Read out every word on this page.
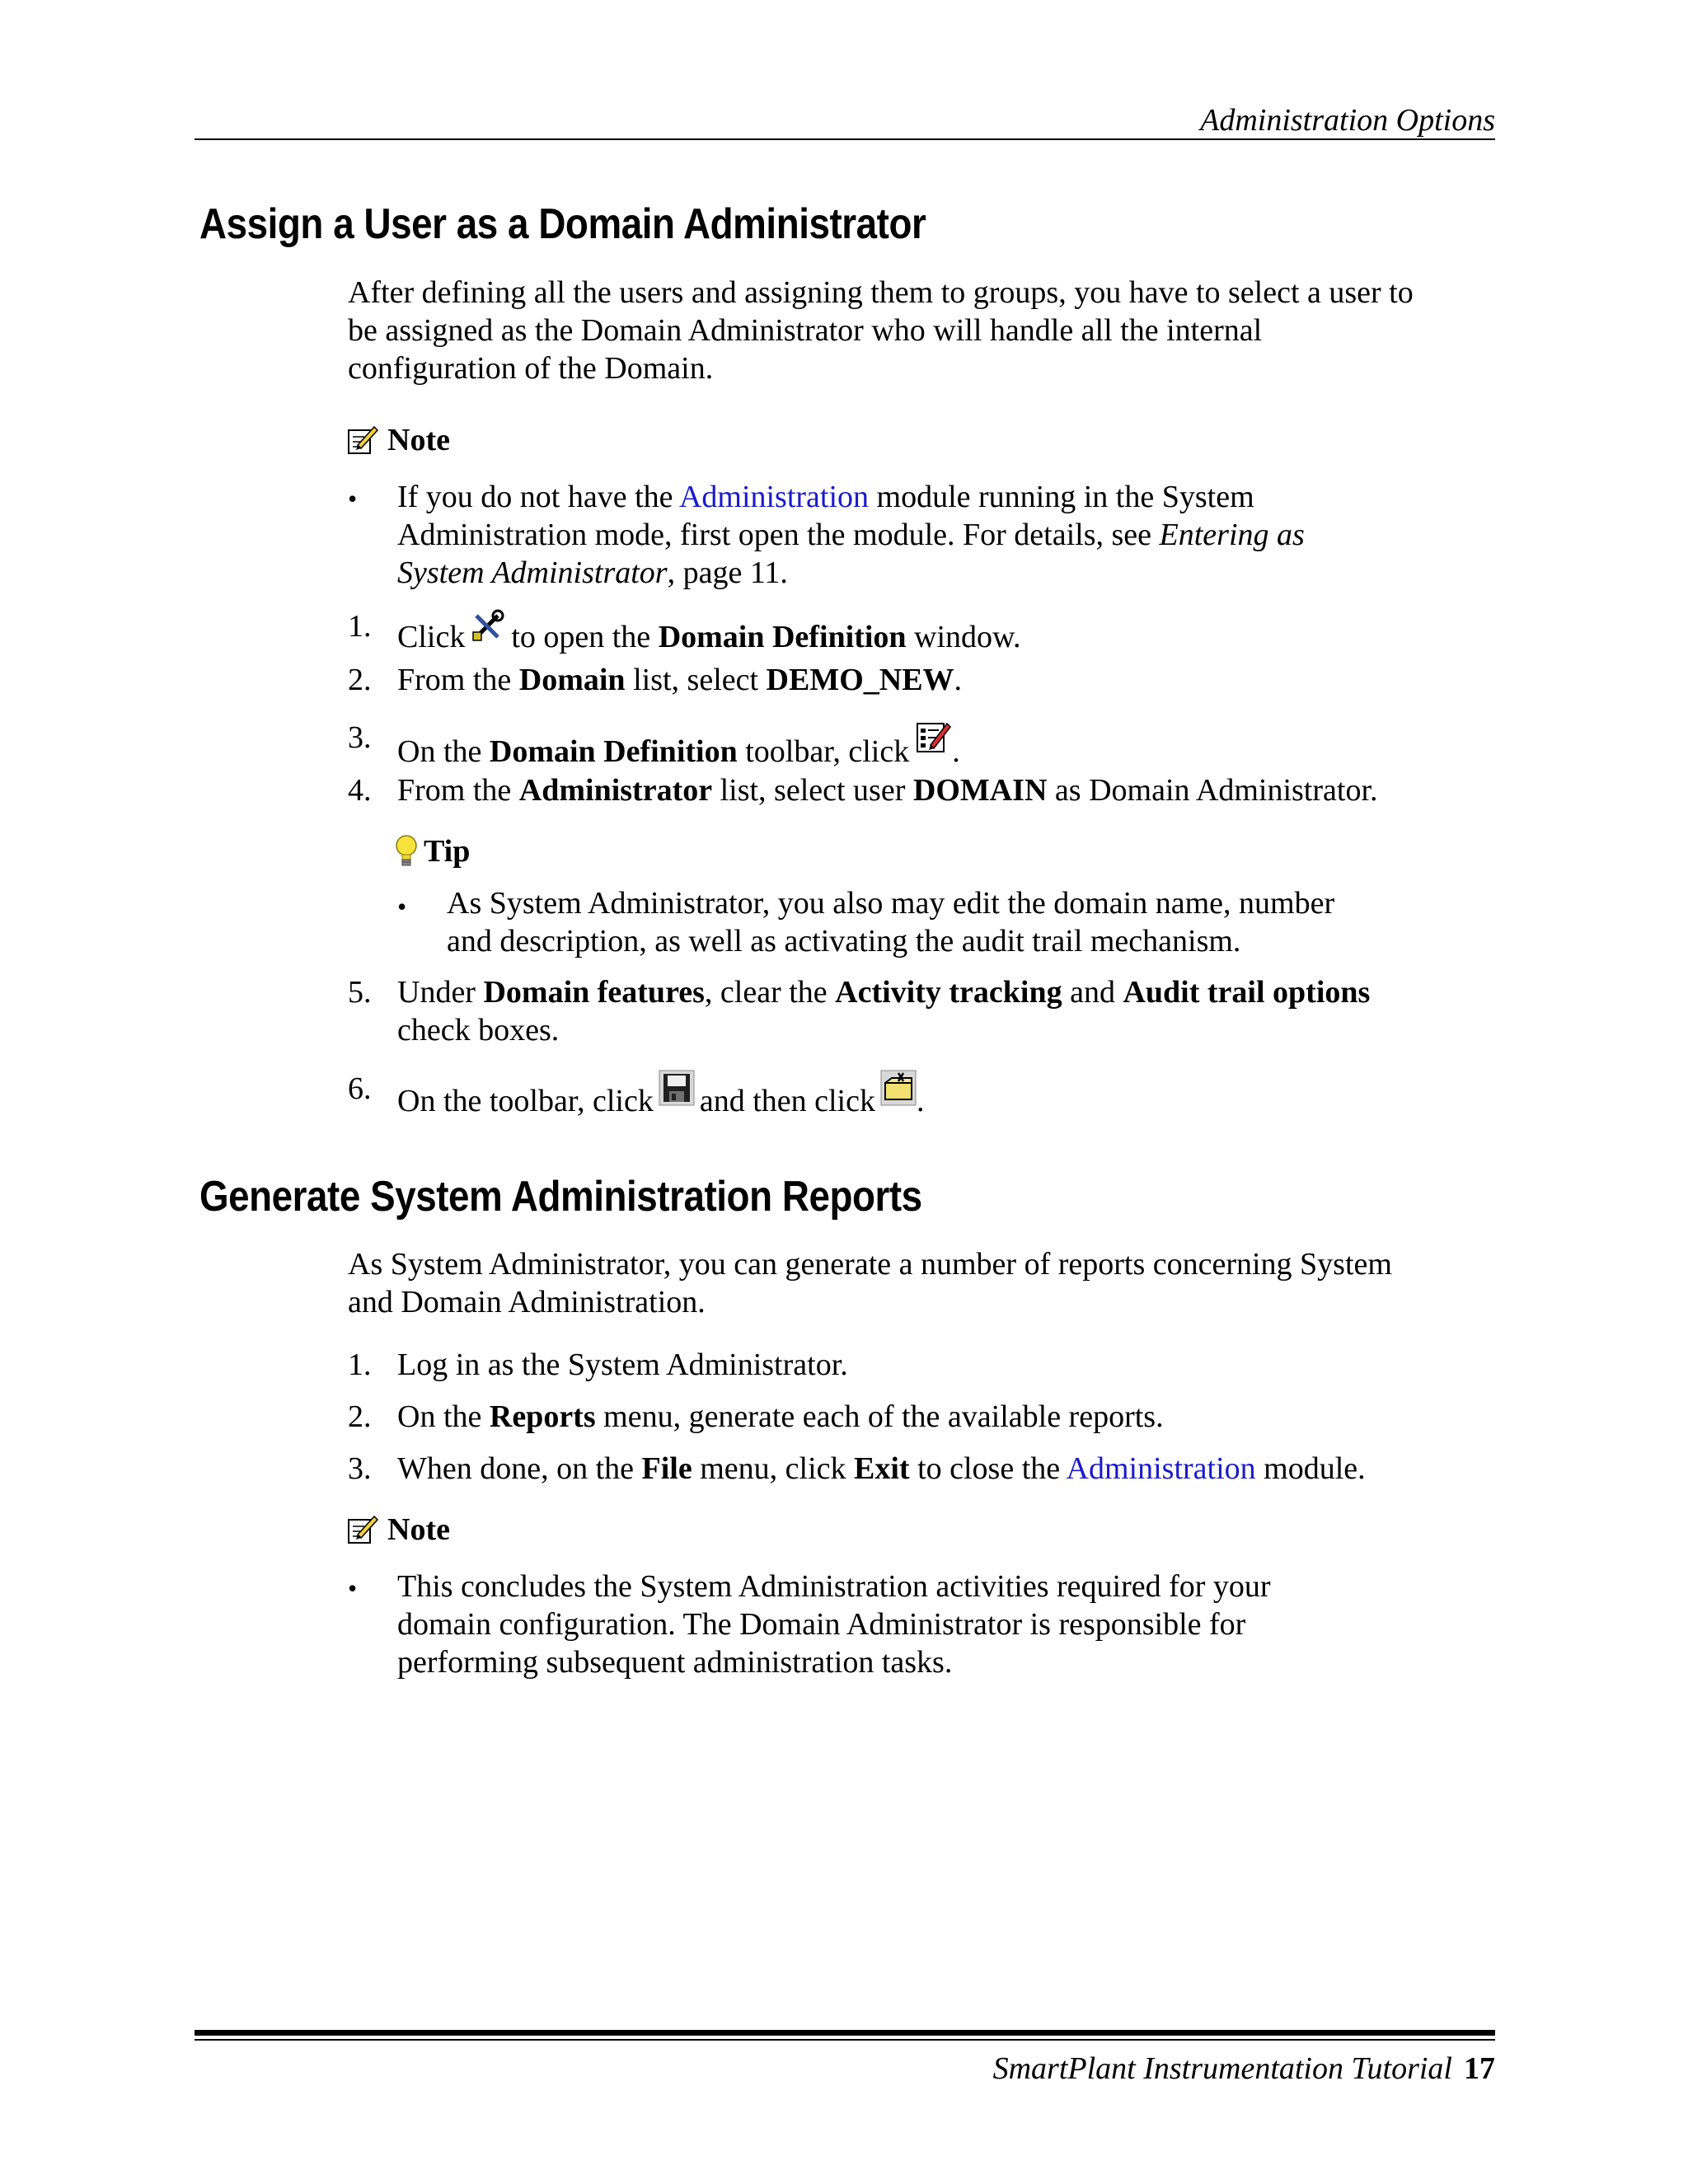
Administration Options
Assign a User as a Domain Administrator

After defining all the users and assigning them to groups, you have to select a user to
be assigned as the Domain Administrator who will handle all the internal
configuration of the Domain.

Note
• If you do not have the Administration module running in the System
Administration mode, first open the module. For details, see Entering as
System Administrator, page 11.
1. Click to open the Domain Definition window.
2. From the Domain list, select DEMO_NEW.
3. On the Domain Definition toolbar, click .
4. From the Administrator list, select user DOMAIN as Domain Administrator.
Tip
• As System Administrator, you also may edit the domain name, number
and description, as well as activating the audit trail mechanism.
5. Under Domain features, clear the Activity tracking and Audit trail options
check boxes.
6. On the toolbar, click and then click .
Generate System Administration Reports

As System Administrator, you can generate a number of reports concerning System
and Domain Administration.

1. Log in as the System Administrator.
2. On the Reports menu, generate each of the available reports.
3. When done, on the File menu, click Exit to close the Administration module.
Note
• This concludes the System Administration activities required for your
domain configuration. The Domain Administrator is responsible for
performing subsequent administration tasks.
SmartPlant Instrumentation Tutorial 17
